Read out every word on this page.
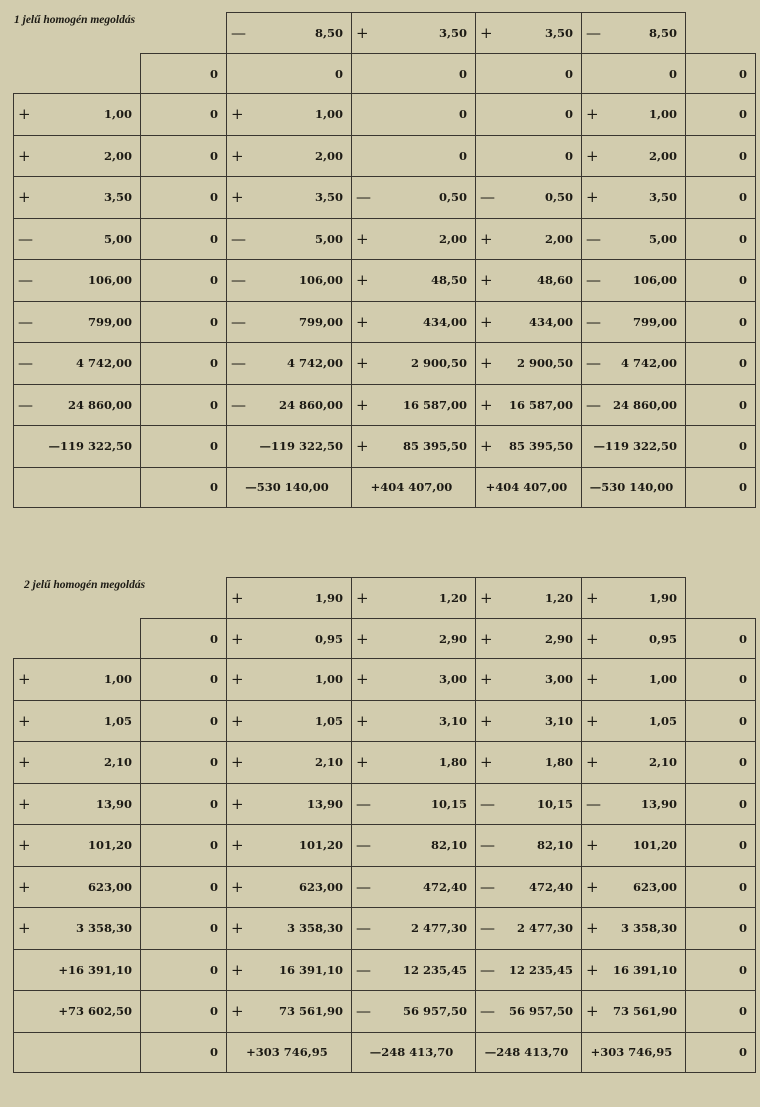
1 jelű homogén megoldás

		— 8,50	+ 3,50	+ 3,50	— 8,50	
	0	0	0	0	0	0

+ 1,00	0	+ 1,00	0	0	+ 1,00	0

+ 2,00	0	+ 2,00	0	0	+ 2,00	0

+ 3,50	0	+ 3,50	— 0,50	— 0,50	+ 3,50	0

— 5,00	0	— 5,00	+ 2,00	+ 2,00	— 5,00	0

— 106,00	0	— 106,00	+ 48,50	+ 48,60	— 106,00	0

— 799,00	0	— 799,00	+ 434,00	+ 434,00	— 799,00	0

— 4 742,00	0	— 4 742,00	+ 2 900,50	+ 2 900,50	— 4 742,00	0

— 24 860,00	0	— 24 860,00	+ 16 587,00	+ 16 587,00	— 24 860,00	0
—119 322,50	0	—119 322,50	+ 85 395,50	+ 85 395,50	—119 322,50	0
	0	—530 140,00	+404 407,00	+404 407,00	—530 140,00	0
2 jelű homogén megoldás

		+ 1,90	+ 1,20	+ 1,20	+ 1,90	
	0	+ 0,95	+ 2,90	+ 2,90	+ 0,95	0

+ 1,00	0	+ 1,00	+ 3,00	+ 3,00	+ 1,00	0

+ 1,05	0	+ 1,05	+ 3,10	+ 3,10	+ 1,05	0

+ 2,10	0	+ 2,10	+ 1,80	+ 1,80	+ 2,10	0

+ 13,90	0	+ 13,90	— 10,15	— 10,15	— 13,90	0

+ 101,20	0	+ 101,20	— 82,10	— 82,10	+ 101,20	0

+ 623,00	0	+ 623,00	— 472,40	— 472,40	+ 623,00	0

+ 3 358,30	0	+ 3 358,30	— 2 477,30	— 2 477,30	+ 3 358,30	0
+16 391,10	0	+ 16 391,10	— 12 235,45	— 12 235,45	+ 16 391,10	0
+73 602,50	0	+ 73 561,90	— 56 957,50	— 56 957,50	+ 73 561,90	0
	0	+303 746,95	—248 413,70	—248 413,70	+303 746,95	0
